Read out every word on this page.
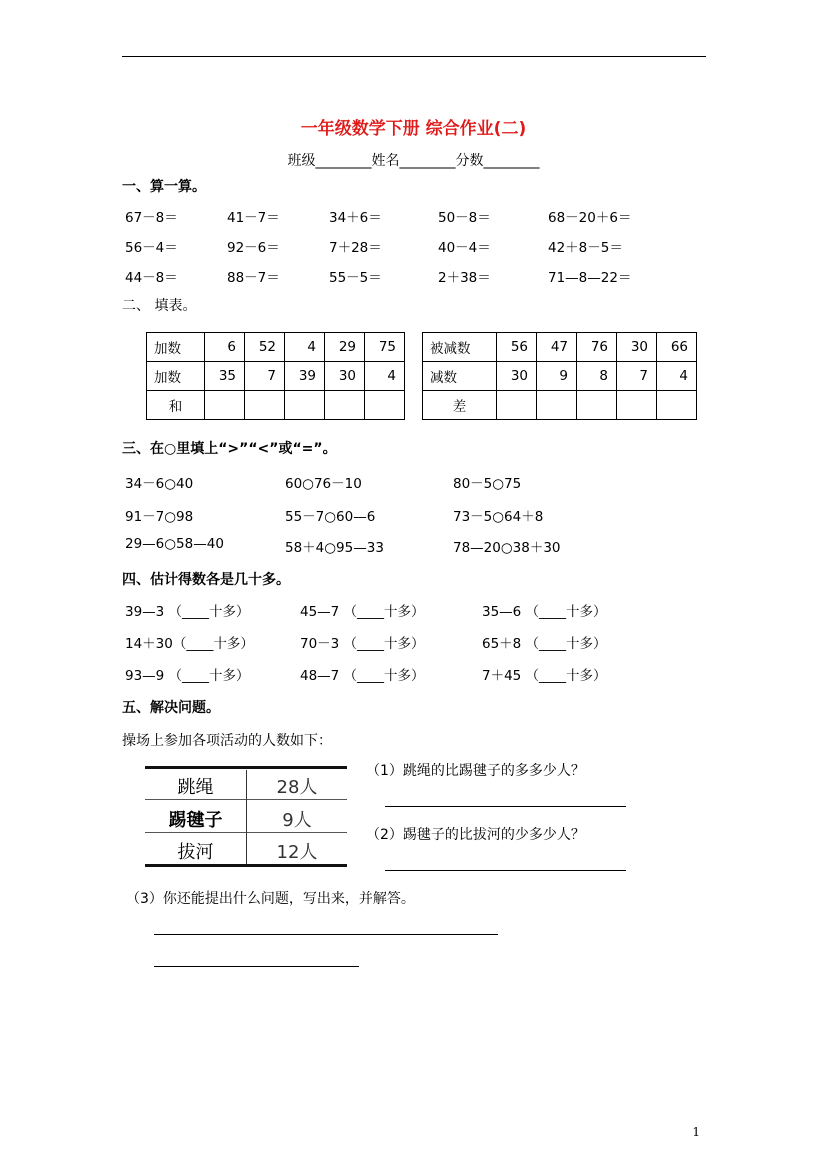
一年级数学下册 综合作业(二)
班级________姓名________分数________
一、算一算。
67－8＝	41－7＝	34＋6＝	50－8＝	68－20＋6＝
56－4＝	92－6＝	7＋28＝	40－4＝	42＋8－5＝
44－8＝	88－7＝	55－5＝	2＋38＝	71—8—22＝
二、 填表。
加数	6	52	4	29	75
加数	35	7	39	30	4
和					
被减数	56	47	76	30	66
减数	30	9	8	7	4
差					
三、在○里填上“>”“<”或“=”。
34－6○40	60○76－10	80－5○75
91－7○98	55－7○60—6	73－5○64＋8
29—6○58—40	58＋4○95—33	78—20○38＋30
四、估计得数各是几十多。
39—3 （____十多）	45—7 （____十多）	35—6 （____十多）
14＋30（____十多）	70－3 （____十多）	65＋8 （____十多）
93—9 （____十多）	48—7 （____十多）	7＋45 （____十多）
五、解决问题。
操场上参加各项活动的人数如下：
跳绳	28人
踢毽子	9人
拔河	12人
（1）跳绳的比踢毽子的多多少人？
（2）踢毽子的比拔河的少多少人？
（3）你还能提出什么问题，写出来，并解答。
1
